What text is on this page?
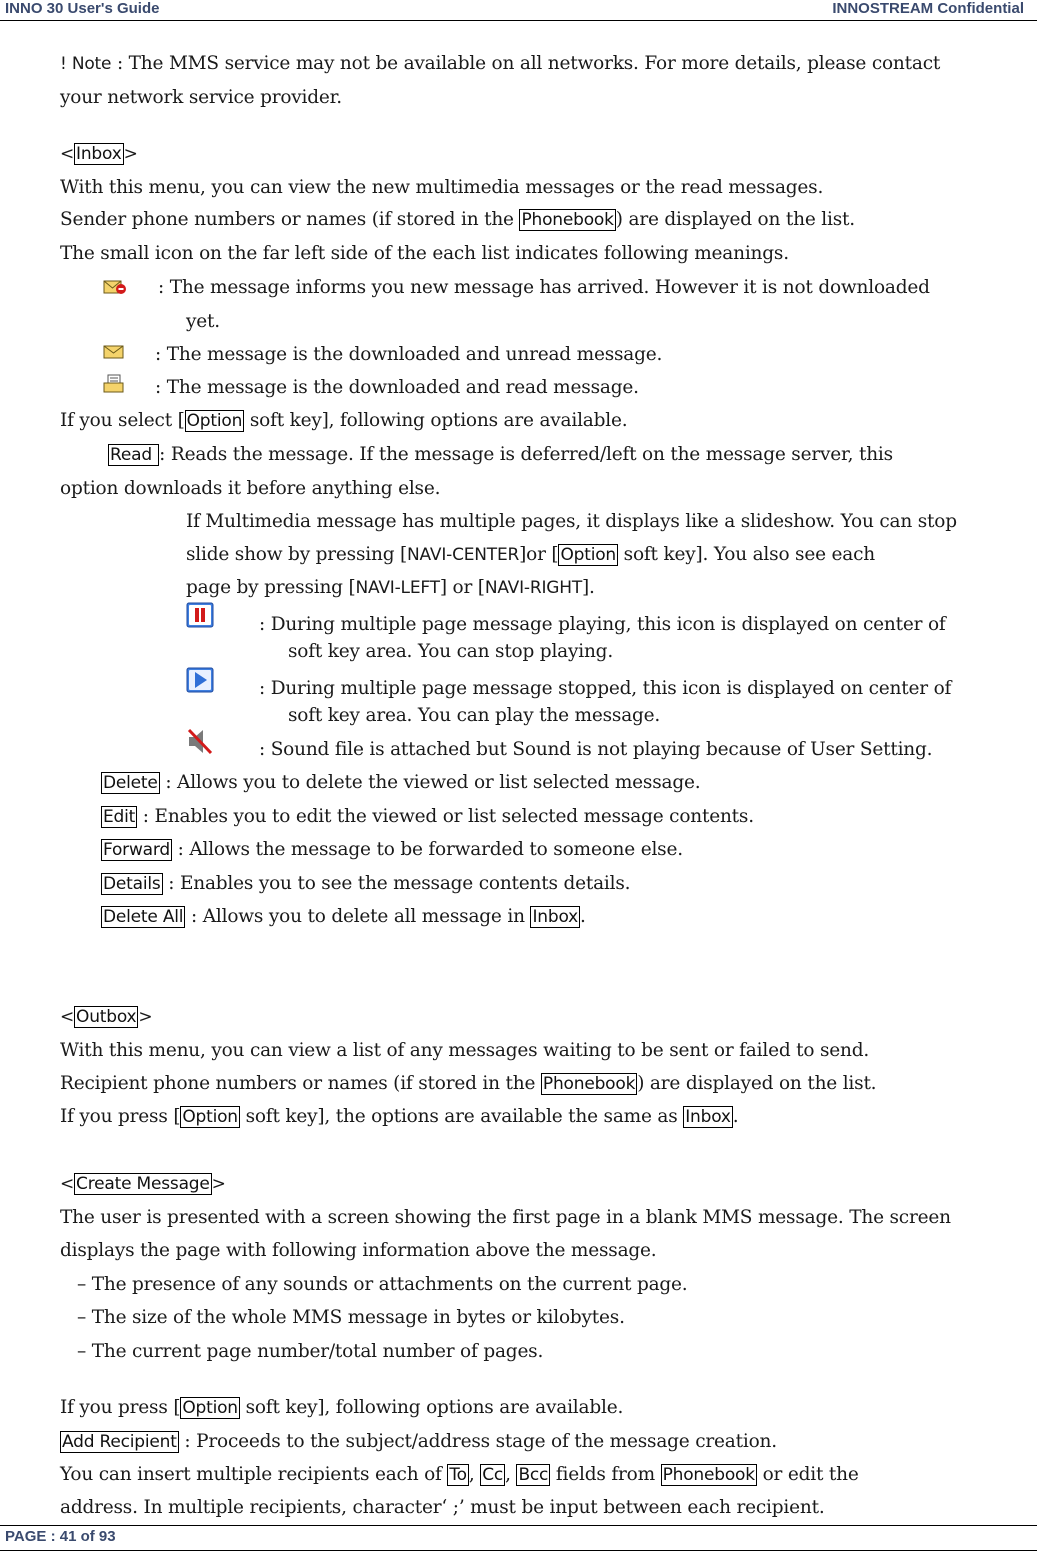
INNO 30 User's Guide	INNOSTREAM Confidential
! Note : The MMS service may not be available on all networks. For more details, please contact
your network service provider.
< Inbox >
With this menu, you can view the new multimedia messages or the read messages.
Sender phone numbers or names (if stored in the Phonebook ) are displayed on the list.
The small icon on the far left side of the each list indicates following meanings.
: The message informs you new message has arrived. However it is not downloaded
yet.
: The message is the downloaded and unread message.
: The message is the downloaded and read message.
If you select [ Option soft key], following options are available.
Read : Reads the message. If the message is deferred/left on the message server, this
option downloads it before anything else.
If Multimedia message has multiple pages, it displays like a slideshow. You can stop
slide show by pressing [NAVI-CENTER]or [ Option soft key]. You also see each
page by pressing [NAVI-LEFT] or [NAVI-RIGHT].
: During multiple page message playing, this icon is displayed on center of
soft key area. You can stop playing.
: During multiple page message stopped, this icon is displayed on center of
soft key area. You can play the message.
: Sound file is attached but Sound is not playing because of User Setting.
Delete : Allows you to delete the viewed or list selected message.
Edit : Enables you to edit the viewed or list selected message contents.
Forward : Allows the message to be forwarded to someone else.
Details : Enables you to see the message contents details.
Delete All : Allows you to delete all message in Inbox .
< Outbox >
With this menu, you can view a list of any messages waiting to be sent or failed to send.
Recipient phone numbers or names (if stored in the Phonebook ) are displayed on the list.
If you press [ Option soft key], the options are available the same as Inbox .
< Create Message >
The user is presented with a screen showing the first page in a blank MMS message. The screen
displays the page with following information above the message.
– The presence of any sounds or attachments on the current page.
– The size of the whole MMS message in bytes or kilobytes.
– The current page number/total number of pages.
If you press [ Option soft key], following options are available.
Add Recipient : Proceeds to the subject/address stage of the message creation.
You can insert multiple recipients each of To , Cc , Bcc fields from Phonebook or edit the
address. In multiple recipients, character‘ ;’ must be input between each recipient.
PAGE : 41 of 93
